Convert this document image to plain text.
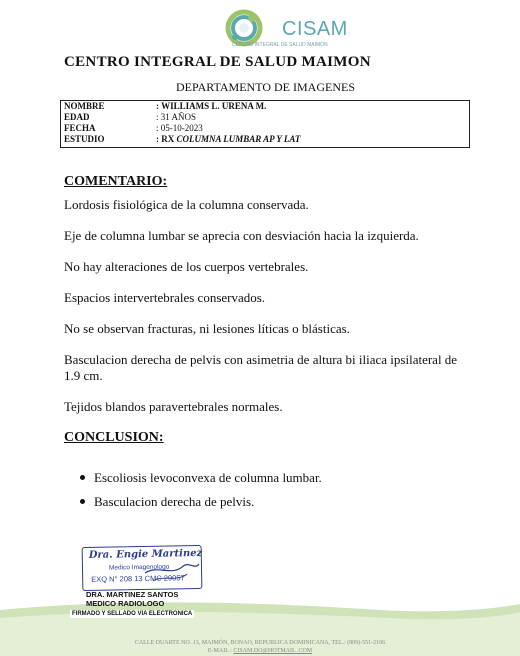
CISAM
CENTRO INTEGRAL DE SALUD MAIMON
CENTRO INTEGRAL DE SALUD MAIMON
DEPARTAMENTO DE IMAGENES
NOMBRE	: WILLIAMS L. URENA M.
EDAD	: 31 AÑOS
FECHA	: 05-10-2023
ESTUDIO	: RX COLUMNA LUMBAR AP Y LAT
COMENTARIO:
Lordosis fisiológica de la columna conservada.
Eje de columna lumbar se aprecia con desviación hacia la izquierda.
No hay alteraciones de los cuerpos vertebrales.
Espacios intervertebrales conservados.
No se observan fracturas, ni lesiones líticas o blásticas.
Basculacion derecha de pelvis con asimetria de altura bi iliaca ipsilateral de 1.9 cm.
Tejidos blandos paravertebrales normales.
CONCLUSION:
Escoliosis levoconvexa de columna lumbar.
Basculacion derecha de pelvis.
Dra. Engie Martinez
Medico Imagenologo
EXQ N° 208 13 CMC 29057
DRA. MARTINEZ SANTOS
MEDICO RADIOLOGO
FIRMADO Y SELLADO VIA ELECTRONICA
CALLE DUARTE NO. 13, MAIMÓN, BONAO, REPUBLICA DOMINICANA, TEL.: (809)-551-2106
E-MAIL : CISAM.DO@HOTMAIL .COM
